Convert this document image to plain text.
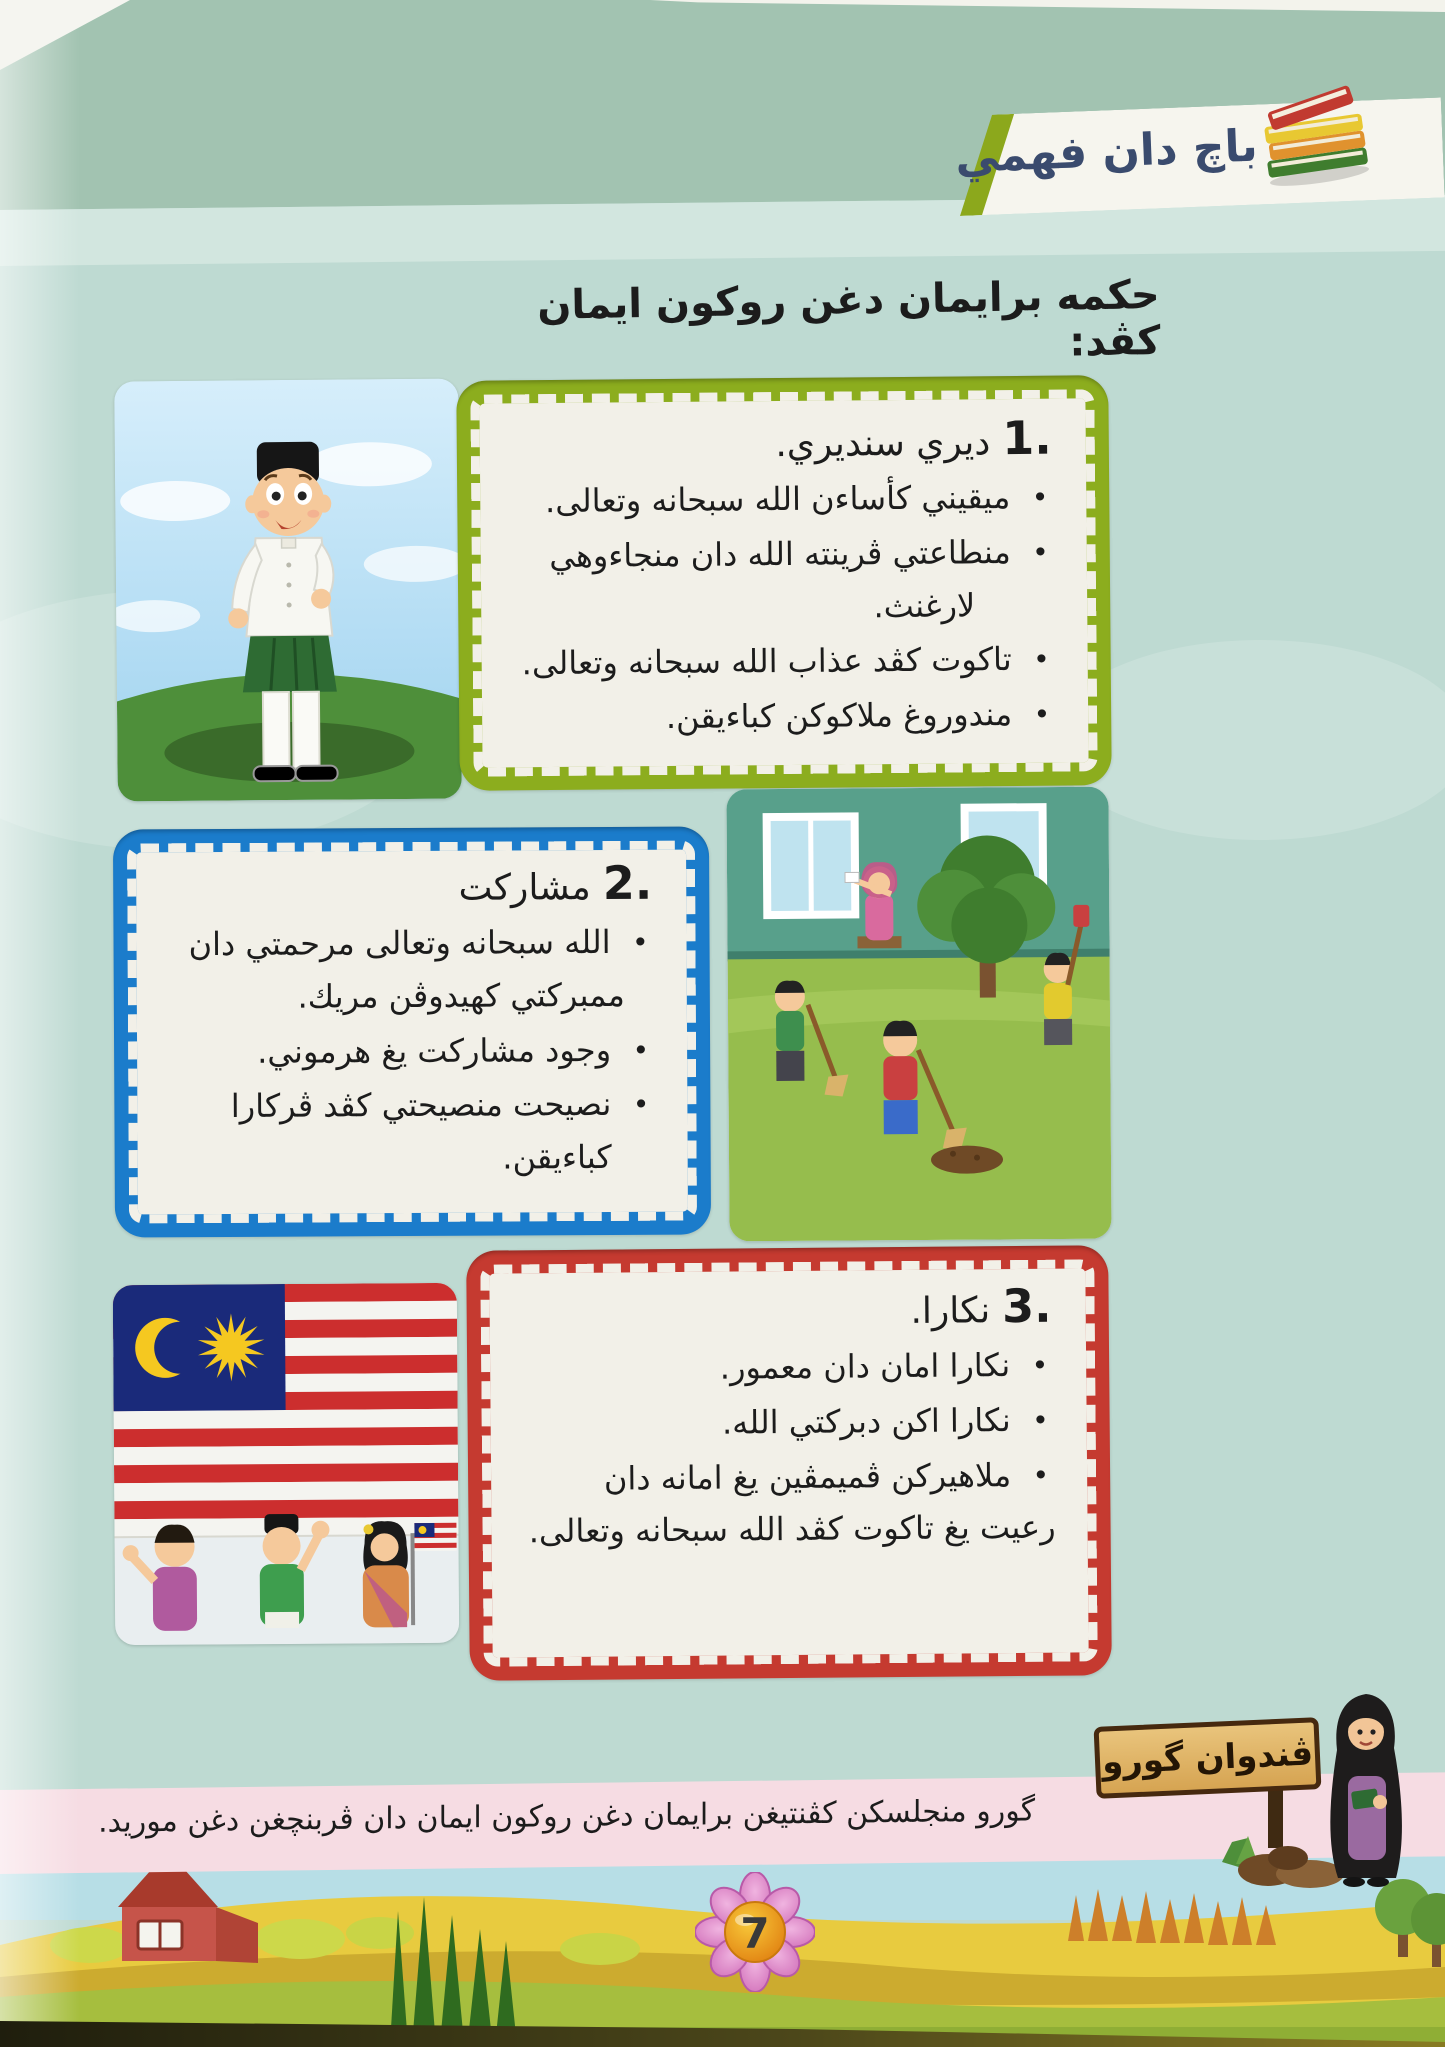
باچ دان فهمي
حكمه برايمان دغن روكون ايمان كڤد:
1.ديري سنديري.
• ميقيني كأساءن الله سبحانه وتعالى.
• منطاعتي ڤرينته الله دان منجاءوهي
لارغنث.
• تاكوت كڤد عذاب الله سبحانه وتعالى.
• مندوروغ ملاكوكن كباءيقن.
2.مشاركت
• الله سبحانه وتعالى مرحمتي دان
ممبركتي كهيدوڤن مريك.
• وجود مشاركت يغ هرموني.
• نصيحت منصيحتي كڤد ڤركارا كباءيقن.
3.نكارا.
• نكارا امان دان معمور.
• نكارا اكن دبركتي الله.
• ملاهيركن ڤميمڤين يغ امانه دان
رعيت يغ تاكوت كڤد الله سبحانه وتعالى.
گورو منجلسكن كڤنتيغن برايمان دغن روكون ايمان دان ڤربنچغن دغن موريد.
ڤندوان گورو
7
